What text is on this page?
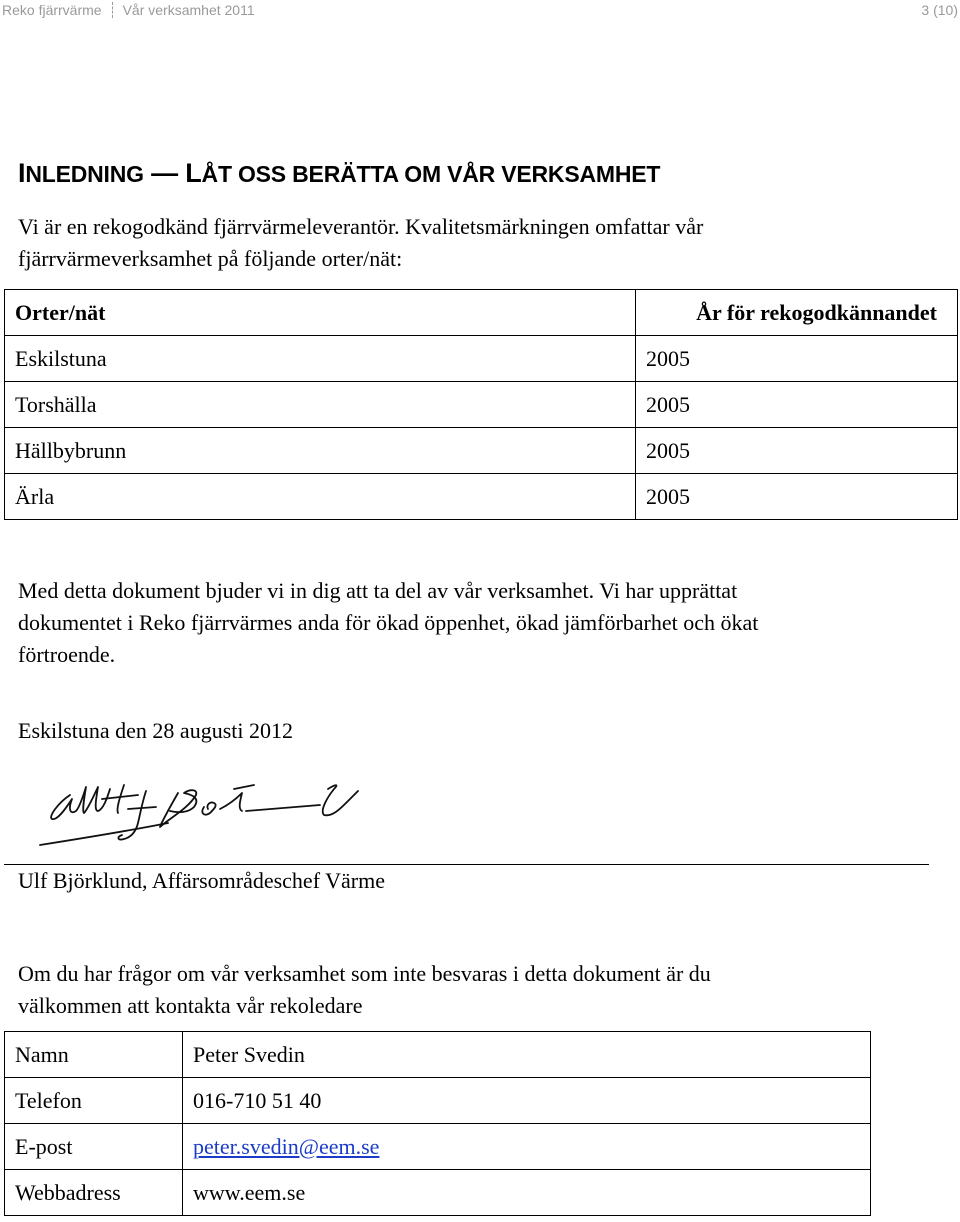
Reko fjärrvärme Vår verksamhet 2011	3 (10)
INLEDNING — LÅT OSS BERÄTTA OM VÅR VERKSAMHET
Vi är en rekogodkänd fjärrvärmeleverantör. Kvalitetsmärkningen omfattar vår
fjärrvärmeverksamhet på följande orter/nät:
Orter/nät	År för rekogodkännandet
Eskilstuna	2005
Torshälla	2005
Hällbybrunn	2005
Ärla	2005
Med detta dokument bjuder vi in dig att ta del av vår verksamhet. Vi har upprättat
dokumentet i Reko fjärrvärmes anda för ökad öppenhet, ökad jämförbarhet och ökat
förtroende.
Eskilstuna den 28 augusti 2012
Ulf Björklund, Affärsområdeschef Värme
Om du har frågor om vår verksamhet som inte besvaras i detta dokument är du
välkommen att kontakta vår rekoledare
Namn	Peter Svedin
Telefon	016-710 51 40
E-post	peter.svedin@eem.se
Webbadress	www.eem.se
